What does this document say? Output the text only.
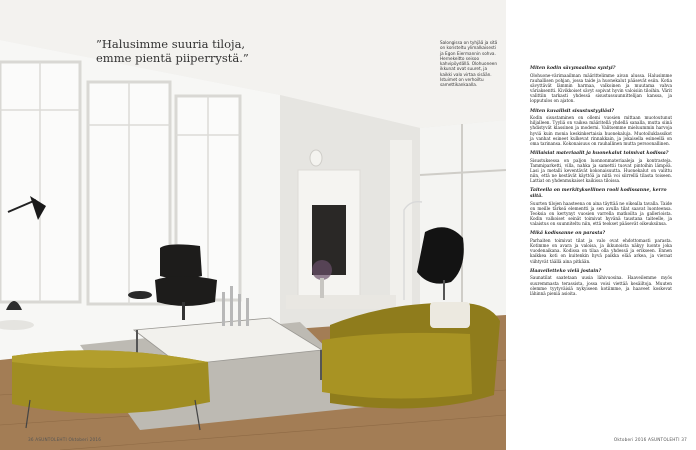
”Halusimme suuria tiloja, emme pientä piiperrystä.”
Salongissa on tyhjää ja sitä on koristeltu ylimalkaisesti ja Egon Eiermannin sohva. Hernekeitto seisoo kahvipöydällä. Olohuoneen ikkunat ovat suuret, ja kaikki valo virtaa sisään. Istuimet on verhoiltu samettikankaalla.
36 ASUNTOLEHTI Oktoberi 2016
Miten kodin sävymaailma syntyi?
Olohuone-värimaailman määrittelimme aivan alussa. Halusimme rauhallisen pohjan, jossa taide ja huonekalut pääsevät esiin. Kotia sävyttävät lämmin harmaa, valkoinen ja muutama vahva väriaksentti. Kivikkoiset sävyt sopivat hyvin valoisiin tiloihin. Värit valittiin tarkasti yhdessä sisustussuunnittelijan kanssa, ja lopputulos on ajaton.
Miten kuvailisit sisustustyyliäsi?
Kodin sisustaminen on ollemi vuosien mittaan muotoutunut hiljalleen. Tyyliä on vaikea määritellä yhdellä sanalla, mutta siinä yhdistyvät klassinen ja moderni. Valitsemme mieluummin harvoja hyviä kuin monia keskinkertaisia huonekaluja. Muotoiluklassikot ja vanhat esineet kulkevat rinnakkain, ja jokaisella esineellä on oma tarinansa. Kokonaisuus on rauhallinen mutta persoonallinen.
Millaisiat materiaalit ja huonekalut toimivat kodissa?
Sisustuksessa on paljon luonnonmateriaaleja ja kontrasteja. Tammiparketti, villa, nahka ja samettii tuovat pintoihin lämpöä. Lasi ja metalli keventävät kokonaisuutta. Huonekalut on valittu niin, että ne kestävät käyttöä ja niitä voi siirrellä tilasta toiseen. Lattiat on yhdenmukaiset kaikissa tiloissa.
Taiteella on merkityksellinen rooli kodissanne, kerro siitä.
Suurten tilojen haasteena on aina täyttää ne oikealla tavalla. Taide on meille tärkeä elementti ja sen avulla tilat saavat luonteensa. Teoksia on kertynyt vuosien varrella matkoilta ja gallerioista. Kodin valkoiset seinät toimivat hyvänä taustana taiteelle, ja valaistus on suunniteltu niin, että teokset pääsevät oikeuksiinsa.
Mikä kodissanne on parasta?
Parhaiten toimivat tilat ja valo ovat ehdottomasti parasta. Kotimme on avara ja valoisa, ja ikkunoista näkyy luonto joka vuodenaikana. Kodissa on tilaa olla yhdessä ja erikseen. Ennen kaikkea koti on kuitenkin hyvä paikka elää arkea, ja vieraat viihtyvät täällä aina pitkään.
Haaveiletteko vielä jostain?
Saunatilat saatetaan uusia lähivuosina. Haaveilemme myös suuremmasta terassista, jossa voisi viettää kesäiltoja. Muuten olemme tyytyväisiä nykyiseen kotiimme, ja haaveet koskevat lähinnä pieniä asioita.
Oktoberi 2016 ASUNTOLEHTI 37
